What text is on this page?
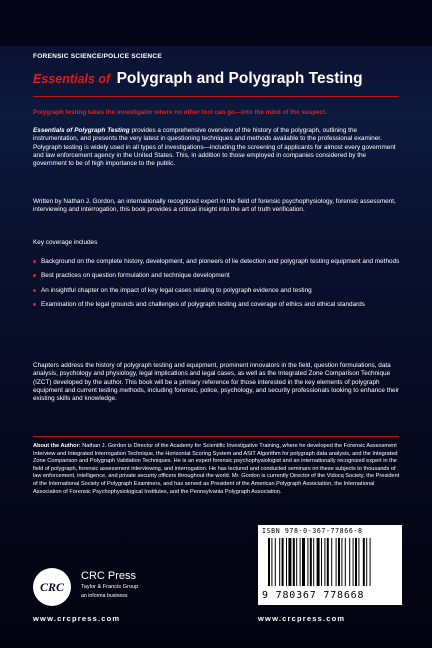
FORENSIC SCIENCE/POLICE SCIENCE
Essentials of Polygraph and Polygraph Testing
Polygraph testing takes the investigator where no other tool can go—into the mind of the suspect.
Essentials of Polygraph Testing provides a comprehensive overview of the history of the polygraph, outlining the instrumentation, and presents the very latest in questioning techniques and methods available to the professional examiner. Polygraph testing is widely used in all types of investigations—including the screening of applicants for almost every government and law enforcement agency in the United States. This, in addition to those employed in companies considered by the government to be of high importance to the public.
Written by Nathan J. Gordon, an internationally recognized expert in the field of forensic psychophysiology, forensic assessment, interviewing and interrogation, this book provides a critical insight into the art of truth verification.
Key coverage includes
Background on the complete history, development, and pioneers of lie detection and polygraph testing equipment and methods
Best practices on question formulation and technique development
An insightful chapter on the impact of key legal cases relating to polygraph evidence and testing
Examination of the legal grounds and challenges of polygraph testing and coverage of ethics and ethical standards
Chapters address the history of polygraph testing and equipment, prominent innovators in the field, question formulations, data analysis, psychology and physiology, legal implications and legal cases, as well as the Integrated Zone Comparison Technique (IZCT) developed by the author. This book will be a primary reference for those interested in the key elements of polygraph equipment and current testing methods, including forensic, police, psychology, and security professionals looking to enhance their existing skills and knowledge.
About the Author: Nathan J. Gordon is Director of the Academy for Scientific Investigative Training, where he developed the Forensic Assessment Interview and Integrated Interrogation Technique, the Horizontal Scoring System and ASIT Algorithm for polygraph data analysis, and the Integrated Zone Comparison and Polygraph Validation Techniques. He is an expert forensic psychophysiologist and an internationally recognized expert in the field of polygraph, forensic assessment interviewing, and interrogation. He has lectured and conducted seminars on these subjects to thousands of law enforcement, intelligence, and private security officers throughout the world. Mr. Gordon is currently Director of the Vidocq Society, the President of the International Society of Polygraph Examiners, and has served as President of the American Polygraph Association, the International Association of Forensic Psychophysiological Institutes, and the Pennsylvania Polygraph Association.
CRC
CRC Press
Taylor & Francis Group
an informa business
www.crcpress.com
ISBN 978-0-367-77866-8
9 780367 778668
www.crcpress.com
